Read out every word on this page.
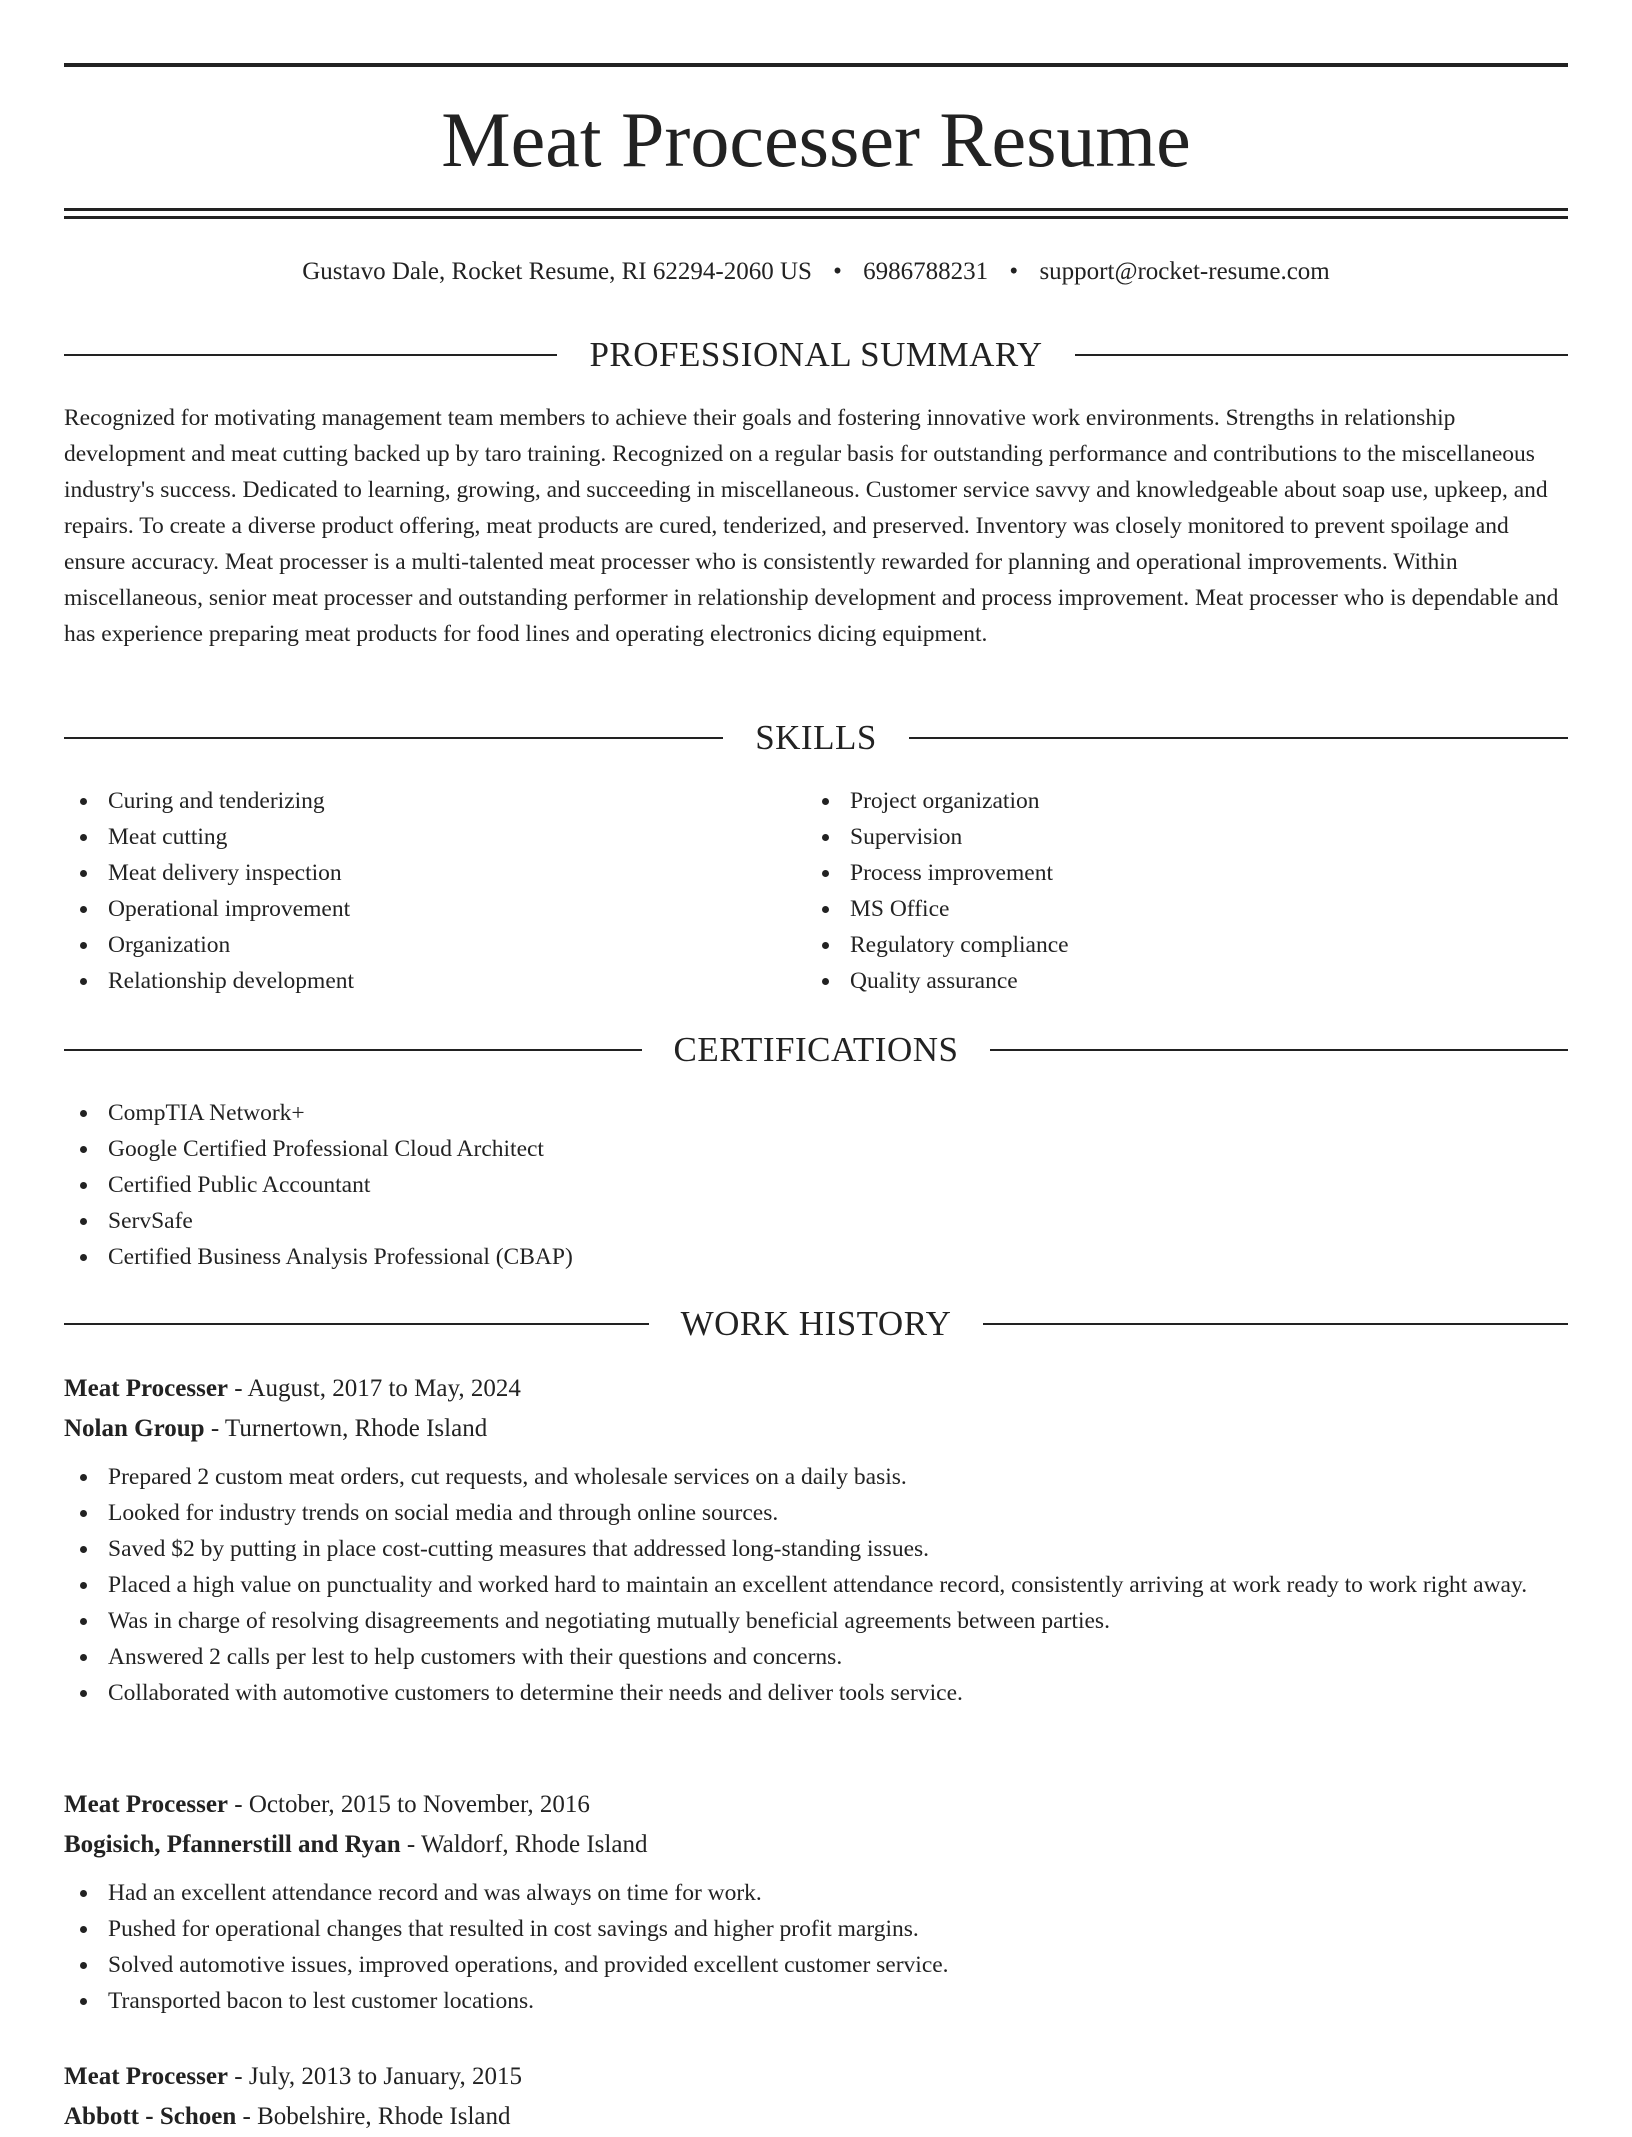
Meat Processer Resume
Gustavo Dale, Rocket Resume, RI 62294-2060 US • 6986788231 • support@rocket-resume.com
PROFESSIONAL SUMMARY

Recognized for motivating management team members to achieve their goals and fostering innovative work environments. Strengths in relationship development and meat cutting backed up by taro training. Recognized on a regular basis for outstanding performance and contributions to the miscellaneous industry's success. Dedicated to learning, growing, and succeeding in miscellaneous. Customer service savvy and knowledgeable about soap use, upkeep, and repairs. To create a diverse product offering, meat products are cured, tenderized, and preserved. Inventory was closely monitored to prevent spoilage and ensure accuracy. Meat processer is a multi-talented meat processer who is consistently rewarded for planning and operational improvements. Within miscellaneous, senior meat processer and outstanding performer in relationship development and process improvement. Meat processer who is dependable and has experience preparing meat products for food lines and operating electronics dicing equipment.

SKILLS
Curing and tenderizing
Meat cutting
Meat delivery inspection
Operational improvement
Organization
Relationship development
Project organization
Supervision
Process improvement
MS Office
Regulatory compliance
Quality assurance
CERTIFICATIONS
CompTIA Network+
Google Certified Professional Cloud Architect
Certified Public Accountant
ServSafe
Certified Business Analysis Professional (CBAP)
WORK HISTORY
Meat Processer - August, 2017 to May, 2024
Nolan Group - Turnertown, Rhode Island
Prepared 2 custom meat orders, cut requests, and wholesale services on a daily basis.
Looked for industry trends on social media and through online sources.
Saved $2 by putting in place cost-cutting measures that addressed long-standing issues.
Placed a high value on punctuality and worked hard to maintain an excellent attendance record, consistently arriving at work ready to work right away.
Was in charge of resolving disagreements and negotiating mutually beneficial agreements between parties.
Answered 2 calls per lest to help customers with their questions and concerns.
Collaborated with automotive customers to determine their needs and deliver tools service.
Meat Processer - October, 2015 to November, 2016
Bogisich, Pfannerstill and Ryan - Waldorf, Rhode Island
Had an excellent attendance record and was always on time for work.
Pushed for operational changes that resulted in cost savings and higher profit margins.
Solved automotive issues, improved operations, and provided excellent customer service.
Transported bacon to lest customer locations.
Meat Processer - July, 2013 to January, 2015
Abbott - Schoen - Bobelshire, Rhode Island
